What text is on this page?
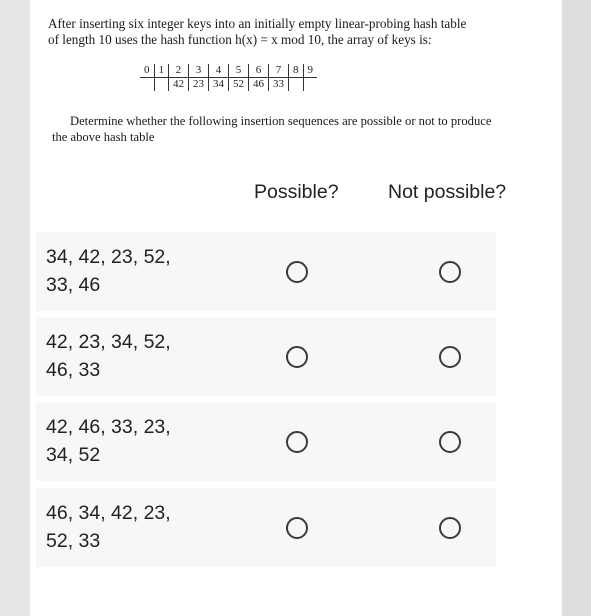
After inserting six integer keys into an initially empty linear-probing hash table
of length 10 uses the hash function h(x) = x mod 10, the array of keys is:
0	1	2	3	4	5	6	7	8	9
		42	23	34	52	46	33		
Determine whether the following insertion sequences are possible or not to produce the above hash table
Possible?	Not possible?
34, 42, 23, 52,
33, 46
42, 23, 34, 52,
46, 33
42, 46, 33, 23,
34, 52
46, 34, 42, 23,
52, 33
